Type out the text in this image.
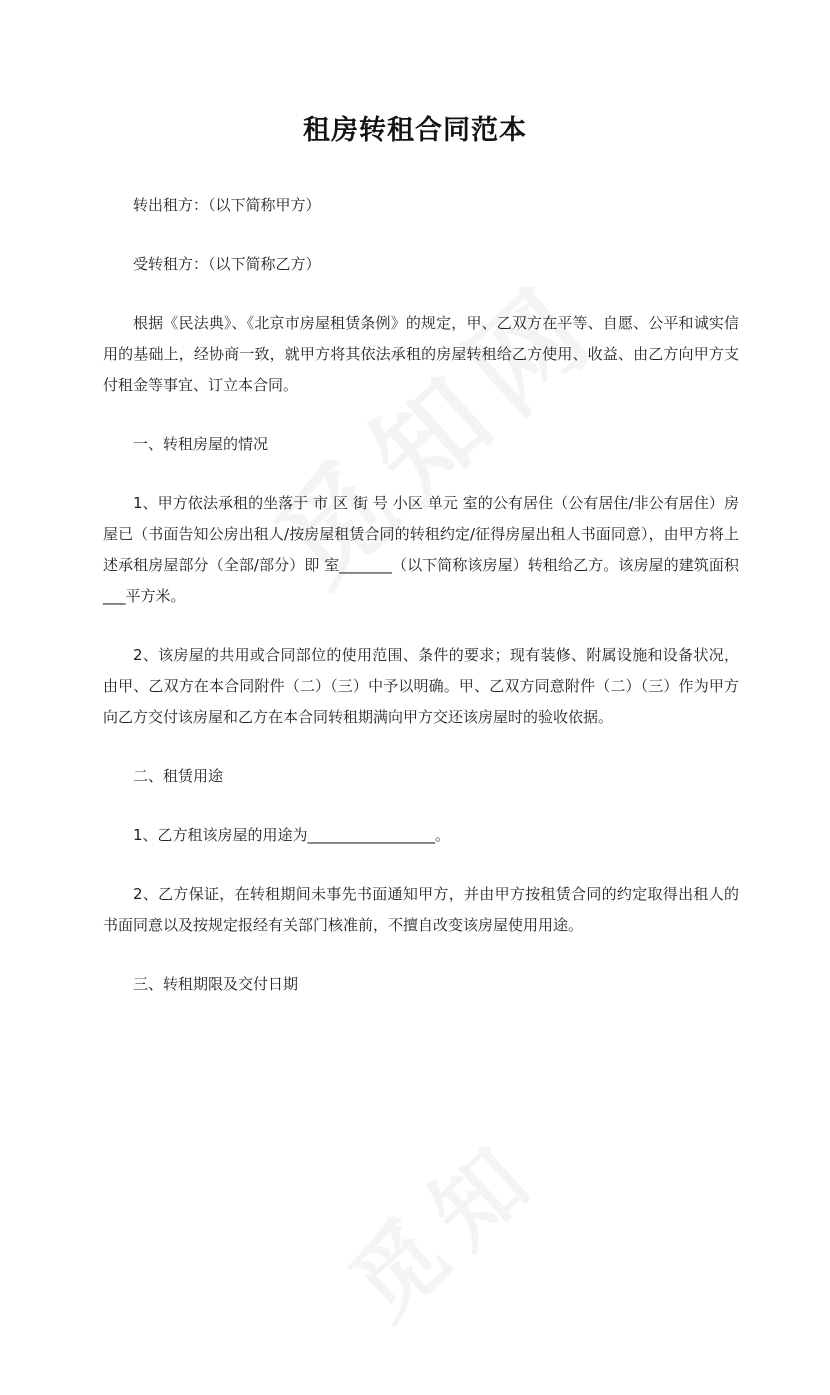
租房转租合同范本

转出租方：（以下简称甲方）

受转租方：（以下简称乙方）

根据《民法典》、《北京市房屋租赁条例》的规定，甲、乙双方在平等、自愿、公平和诚实信用的基础上，经协商一致，就甲方将其依法承租的房屋转租给乙方使用、收益、由乙方向甲方支付租金等事宜、订立本合同。

一、转租房屋的情况

1、甲方依法承租的坐落于 市 区 街 号 小区 单元 室的公有居住（公有居住/非公有居住）房屋已（书面告知公房出租人/按房屋租赁合同的转租约定/征得房屋出租人书面同意），由甲方将上述承租房屋部分（全部/部分）即 室_______（以下简称该房屋）转租给乙方。该房屋的建筑面积___平方米。

2、该房屋的共用或合同部位的使用范围、条件的要求；现有装修、附属设施和设备状况，由甲、乙双方在本合同附件（二）（三）中予以明确。甲、乙双方同意附件（二）（三）作为甲方向乙方交付该房屋和乙方在本合同转租期满向甲方交还该房屋时的验收依据。

二、租赁用途

1、乙方租该房屋的用途为_________________。

2、乙方保证，在转租期间未事先书面通知甲方，并由甲方按租赁合同的约定取得出租人的书面同意以及按规定报经有关部门核准前，不擅自改变该房屋使用用途。

三、转租期限及交付日期
